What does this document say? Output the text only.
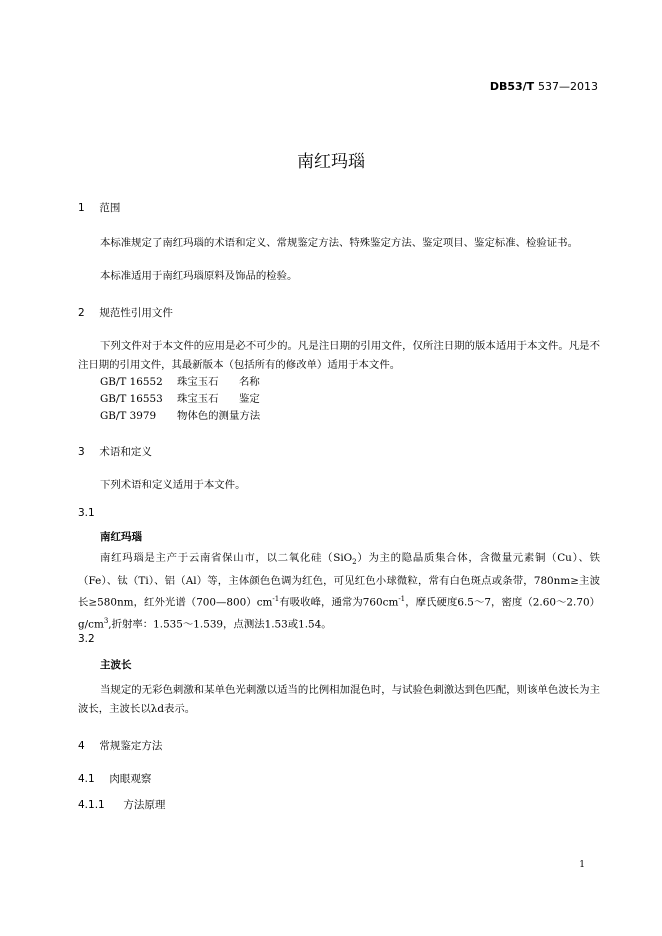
DB53/T 537—2013
南红玛瑙
1 范围
本标准规定了南红玛瑙的术语和定义、常规鉴定方法、特殊鉴定方法、鉴定项目、鉴定标准、检验证书。
本标准适用于南红玛瑙原料及饰品的检验。
2 规范性引用文件
下列文件对于本文件的应用是必不可少的。凡是注日期的引用文件，仅所注日期的版本适用于本文件。凡是不注日期的引用文件，其最新版本（包括所有的修改单）适用于本文件。
GB/T 16552 珠宝玉石 名称
GB/T 16553 珠宝玉石 鉴定
GB/T 3979 物体色的测量方法
3 术语和定义
下列术语和定义适用于本文件。
3.1
南红玛瑙
南红玛瑙是主产于云南省保山市，以二氧化硅（SiO$_2$）为主的隐晶质集合体，含微量元素铜（Cu）、铁（Fe）、钛（Ti）、铝（Al）等，主体颜色色调为红色，可见红色小球微粒，常有白色斑点或条带，780nm≥主波长≥580nm，红外光谱$(700—800)cm^{-1}$有吸收峰，通常为$760cm^{-1}$，摩氏硬度6.5～7，密度$(2.60\sim 2.70)g/cm^3$,折射率：1.535～1.539，点测法1.53或1.54。
3.2
主波长
当规定的无彩色刺激和某单色光刺激以适当的比例相加混色时，与试验色刺激达到色匹配，则该单色波长为主波长，主波长以λd表示。
4 常规鉴定方法
4.1 肉眼观察
4.1.1 方法原理
1
